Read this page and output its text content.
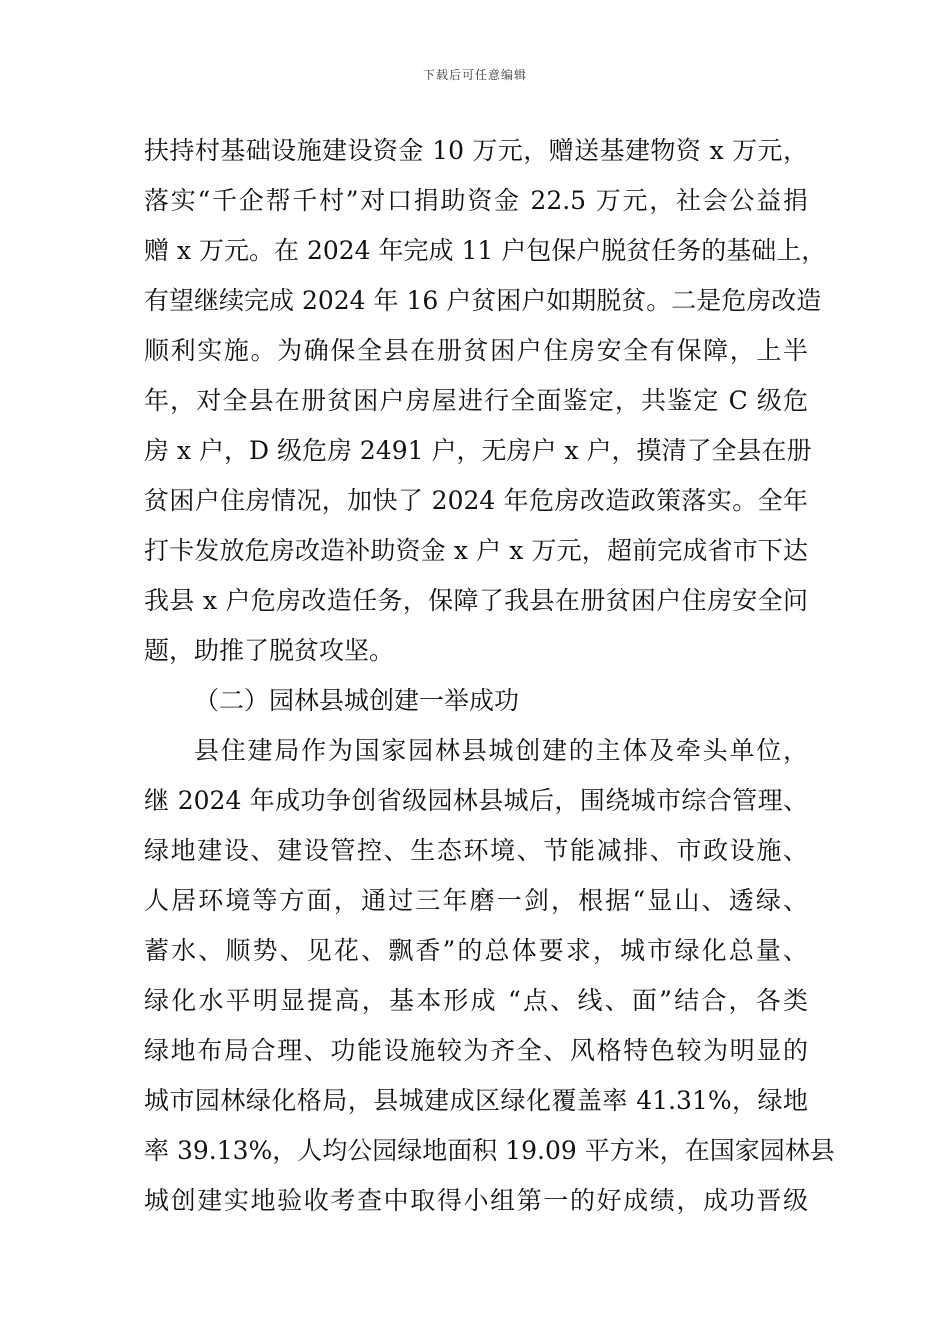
下载后可任意编辑
扶持村基础设施建设资金 10 万元，赠送基建物资 x 万元，
落实“千企帮千村”对口捐助资金 22.5 万元，社会公益捐
赠 x 万元。在 2024 年完成 11 户包保户脱贫任务的基础上，
有望继续完成 2024 年 16 户贫困户如期脱贫。二是危房改造
顺利实施。为确保全县在册贫困户住房安全有保障，上半
年，对全县在册贫困户房屋进行全面鉴定，共鉴定 C 级危
房 x 户，D 级危房 2491 户，无房户 x 户，摸清了全县在册
贫困户住房情况，加快了 2024 年危房改造政策落实。全年
打卡发放危房改造补助资金 x 户 x 万元，超前完成省市下达
我县 x 户危房改造任务，保障了我县在册贫困户住房安全问
题，助推了脱贫攻坚。
（二）园林县城创建一举成功
县住建局作为国家园林县城创建的主体及牵头单位，
继 2024 年成功争创省级园林县城后，围绕城市综合管理、
绿地建设、建设管控、生态环境、节能减排、市政设施、
人居环境等方面，通过三年磨一剑，根据“显山、透绿、
蓄水、顺势、见花、飘香”的总体要求，城市绿化总量、
绿化水平明显提高，基本形成 “点、线、面”结合，各类
绿地布局合理、功能设施较为齐全、风格特色较为明显的
城市园林绿化格局，县城建成区绿化覆盖率 41.31%，绿地
率 39.13%，人均公园绿地面积 19.09 平方米，在国家园林县
城创建实地验收考查中取得小组第一的好成绩，成功晋级
